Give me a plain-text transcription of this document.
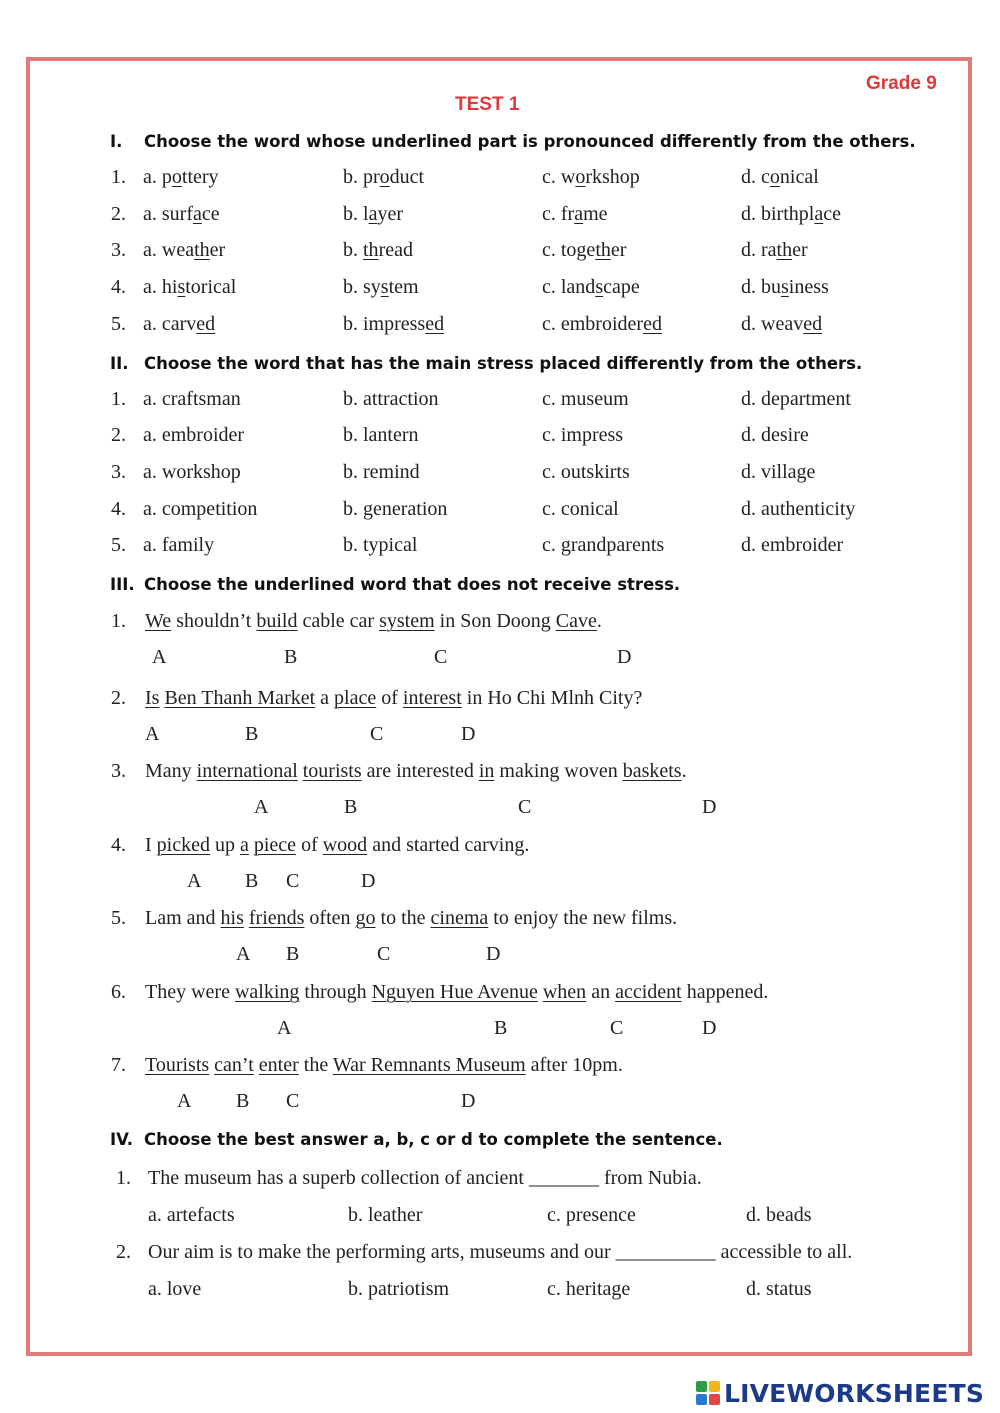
Grade 9
TEST 1
I. Choose the word whose underlined part is pronounced differently from the others.
1. a. pottery	b. product	c. workshop	d. conical
2. a. surface	b. layer	c. frame	d. birthplace
3. a. weather	b. thread	c. together	d. rather
4. a. historical	b. system	c. landscape	d. business
5. a. carved	b. impressed	c. embroidered	d. weaved
II. Choose the word that has the main stress placed differently from the others.
1. a. craftsman	b. attraction	c. museum	d. department
2. a. embroider	b. lantern	c. impress	d. desire
3. a. workshop	b. remind	c. outskirts	d. village
4. a. competition	b. generation	c. conical	d. authenticity
5. a. family	b. typical	c. grandparents	d. embroider
III. Choose the underlined word that does not receive stress.
1. We shouldn’t build cable car system in Son Doong Cave.
A	B	C	D
2. Is Ben Thanh Market a place of interest in Ho Chi Mlnh City?
A	B	C	D
3. Many international tourists are interested in making woven baskets.
A	B	C	D
4. I picked up a piece of wood and started carving.
A B C	D
5. Lam and his friends often go to the cinema to enjoy the new films.
A B	C	D
6. They were walking through Nguyen Hue Avenue when an accident happened.
A	B	C	D
7. Tourists can’t enter the War Remnants Museum after 10pm.
A B C	D
IV. Choose the best answer a, b, c or d to complete the sentence.
1. The museum has a superb collection of ancient _______ from Nubia.
a. artefacts	b. leather	c. presence	d. beads
2. Our aim is to make the performing arts, museums and our __________ accessible to all.
a. love	b. patriotism	c. heritage	d. status
LIVEWORKSHEETS
